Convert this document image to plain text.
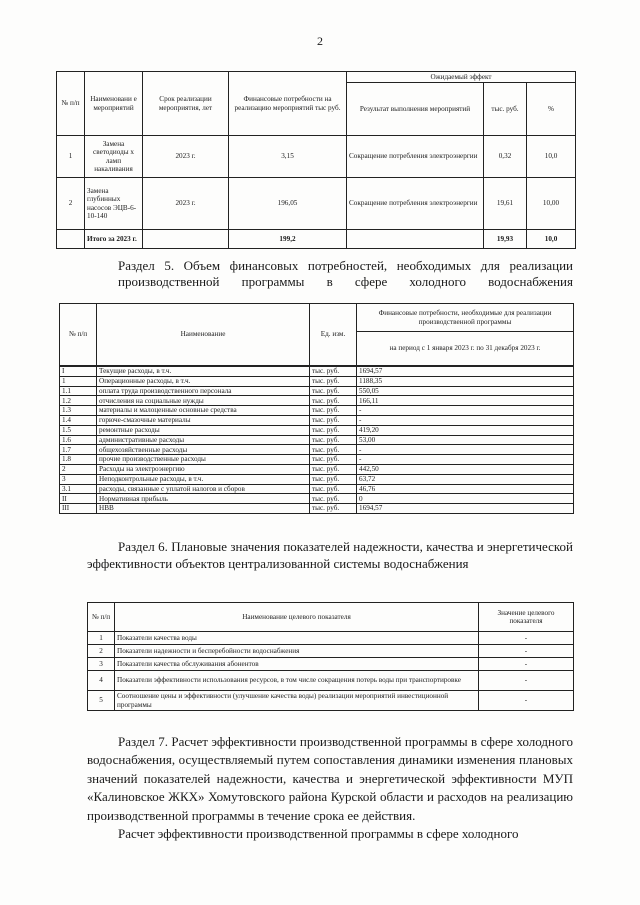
2
№ п/п	Наименовани е мероприятий	Срок реализации мероприятия, лет	Финансовые потребности на реализацию мероприятий тыс руб.	Ожидаемый эффект		
				Результат выполнения мероприятий	тыс. руб.	%
1	Замена светодиоды х ламп накаливания	2023 г.	3,15	Сокращение потребления электроэнергии	0,32	10,0
2	Замена глубинных насосов ЭЦВ-6-10-140	2023 г.	196,05	Сокращение потребления электроэнергии	19,61	10,00
	Итого за 2023 г.		199,2		19,93	10,0
Раздел 5. Объем финансовых потребностей, необходимых для реализации производственной программы в сфере холодного водоснабжения
№ п/п	Наименование	Ед. изм.	Финансовые потребности, необходимые для реализации производственной программы
на период с 1 января 2023 г. по 31 декабря 2023 г.
I	Текущие расходы, в т.ч.	тыс. руб.	1694,57
1	Операционные расходы, в т.ч.	тыс. руб.	1188,35
1.1	оплата труда производственного персонала	тыс. руб.	550,05
1.2	отчисления на социальные нужды	тыс. руб.	166,11
1.3	материалы и малоценные основные средства	тыс. руб.	-
1.4	горюче-смазочные материалы	тыс. руб.	-
1.5	ремонтные расходы	тыс. руб.	419,20
1.6	административные расходы	тыс. руб.	53,00
1.7	общехозяйственные расходы	тыс. руб.	-
1.8	прочие производственные расходы	тыс. руб.	-
2	Расходы на электроэнергию	тыс. руб.	442,50
3	Неподконтрольные расходы, в т.ч.	тыс. руб.	63,72
3.1	расходы, связанные с уплатой налогов и сборов	тыс. руб.	46,76
II	Нормативная прибыль	тыс. руб.	0
III	НВВ	тыс. руб.	1694,57
Раздел 6. Плановые значения показателей надежности, качества и энергетической эффективности объектов централизованной системы водоснабжения
№ п/п	Наименование целевого показателя	Значение целевого показателя
1	Показатели качества воды	-
2	Показатели надежности и бесперебойности водоснабжения	-
3	Показатели качества обслуживания абонентов	-
4	Показатели эффективности использования ресурсов, в том числе сокращения потерь воды при транспортировке	-
5	Соотношение цены и эффективности (улучшение качества воды) реализации мероприятий инвестиционной программы	-
Раздел 7. Расчет эффективности производственной программы в сфере холодного водоснабжения, осуществляемый путем сопоставления динамики изменения плановых значений показателей надежности, качества и энергетической эффективности МУП «Калиновское ЖКХ» Хомутовского района Курской области и расходов на реализацию производственной программы в течение срока ее действия.
Расчет эффективности производственной программы в сфере холодного
